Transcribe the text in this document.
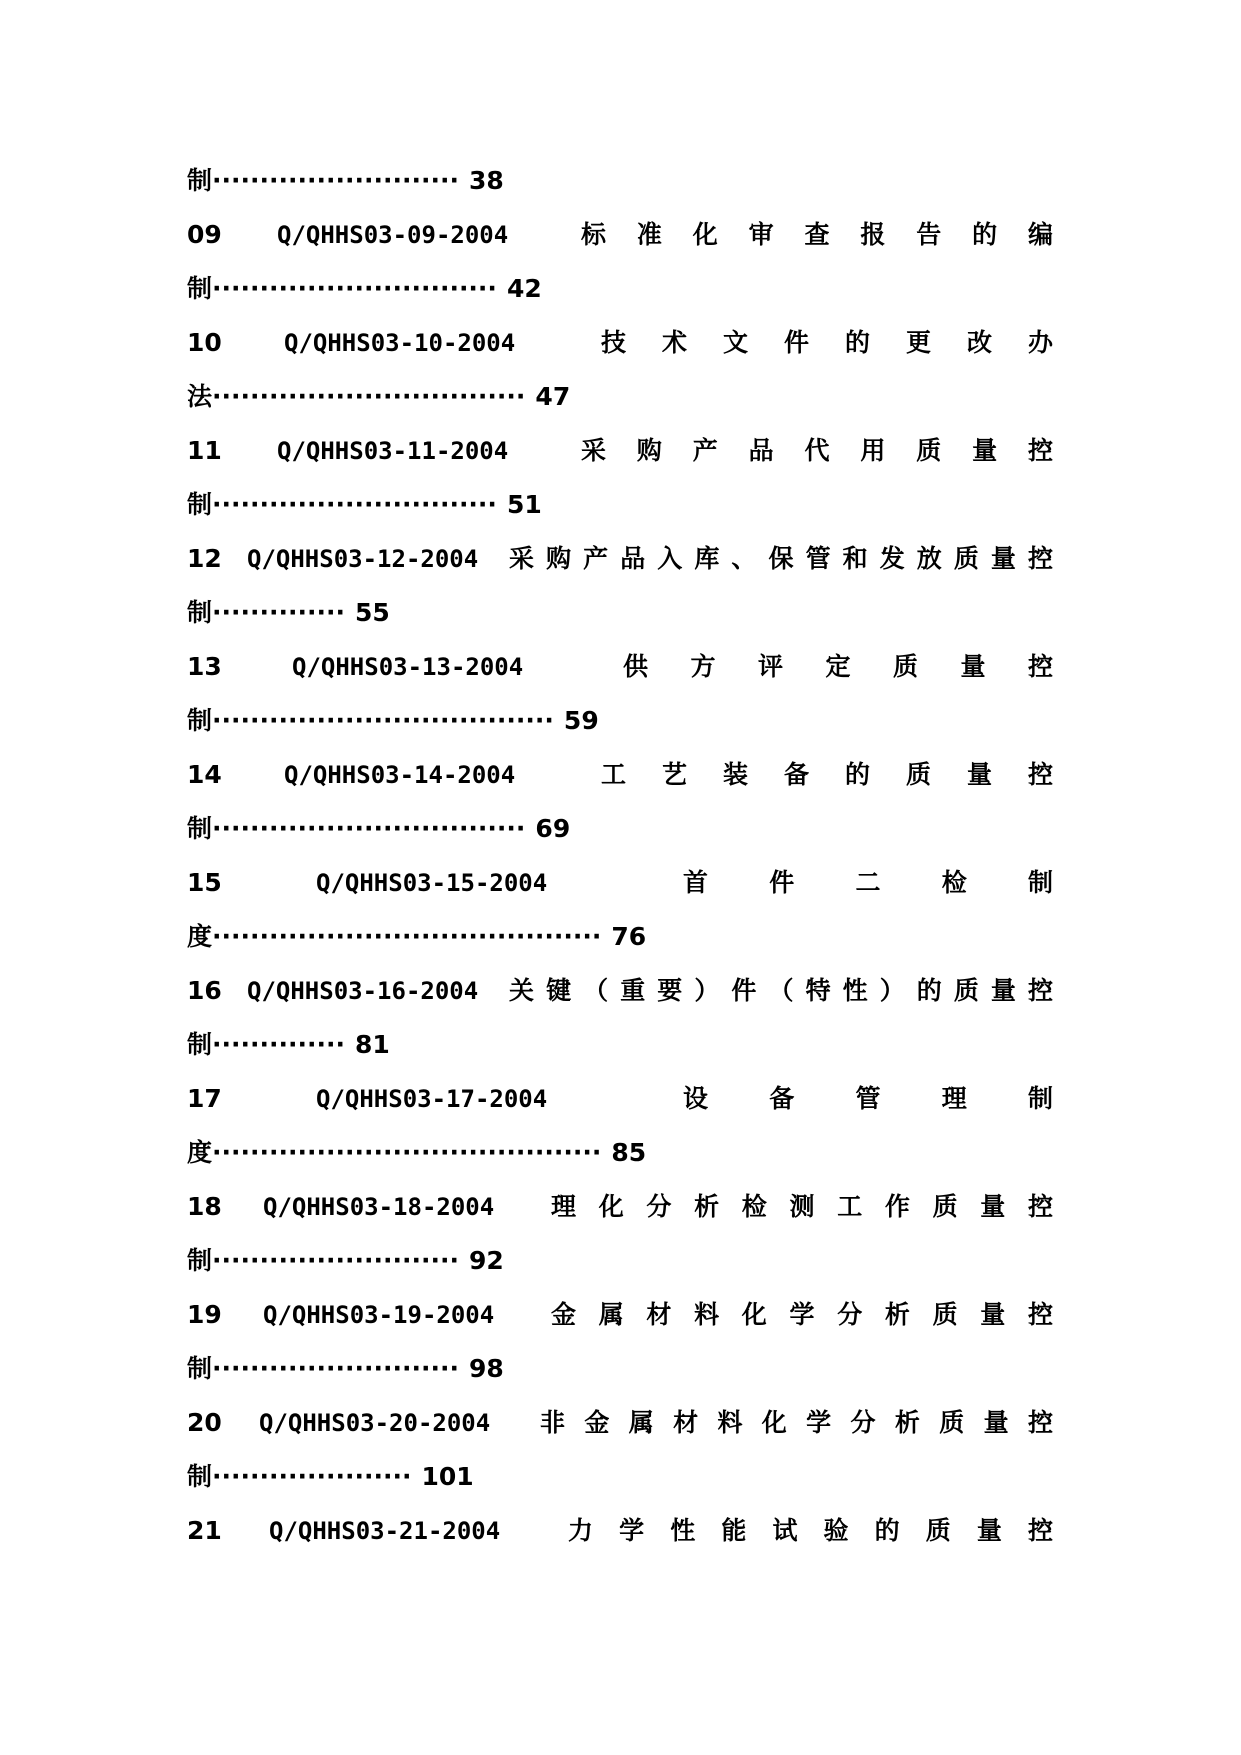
制·························· 38
09 Q/QHHS03-09-2004	标准化审查报告的编
制······························ 42
10	Q/QHHS03-10-2004	技术文件的更改办
法································· 47
11 Q/QHHS03-11-2004	采购产品代用质量控
制······························ 51
12 Q/QHHS03-12-2004 采购产品入库、保管和发放质量控
制·············· 55
13	Q/QHHS03-13-2004	供方评定质量控
制···································· 59
14	Q/QHHS03-14-2004	工艺装备的质量控
制································· 69
15	Q/QHHS03-15-2004	首件二检制
度········································· 76
16 Q/QHHS03-16-2004 关键（重要）件（特性）的质量控
制·············· 81
17	Q/QHHS03-17-2004	设备管理制
度········································· 85
18 Q/QHHS03-18-2004 理化分析检测工作质量控
制·························· 92
19 Q/QHHS03-19-2004 金属材料化学分析质量控
制·························· 98
20 Q/QHHS03-20-2004 非金属材料化学分析质量控
制····················· 101
21 Q/QHHS03-21-2004	力学性能试验的质量控
